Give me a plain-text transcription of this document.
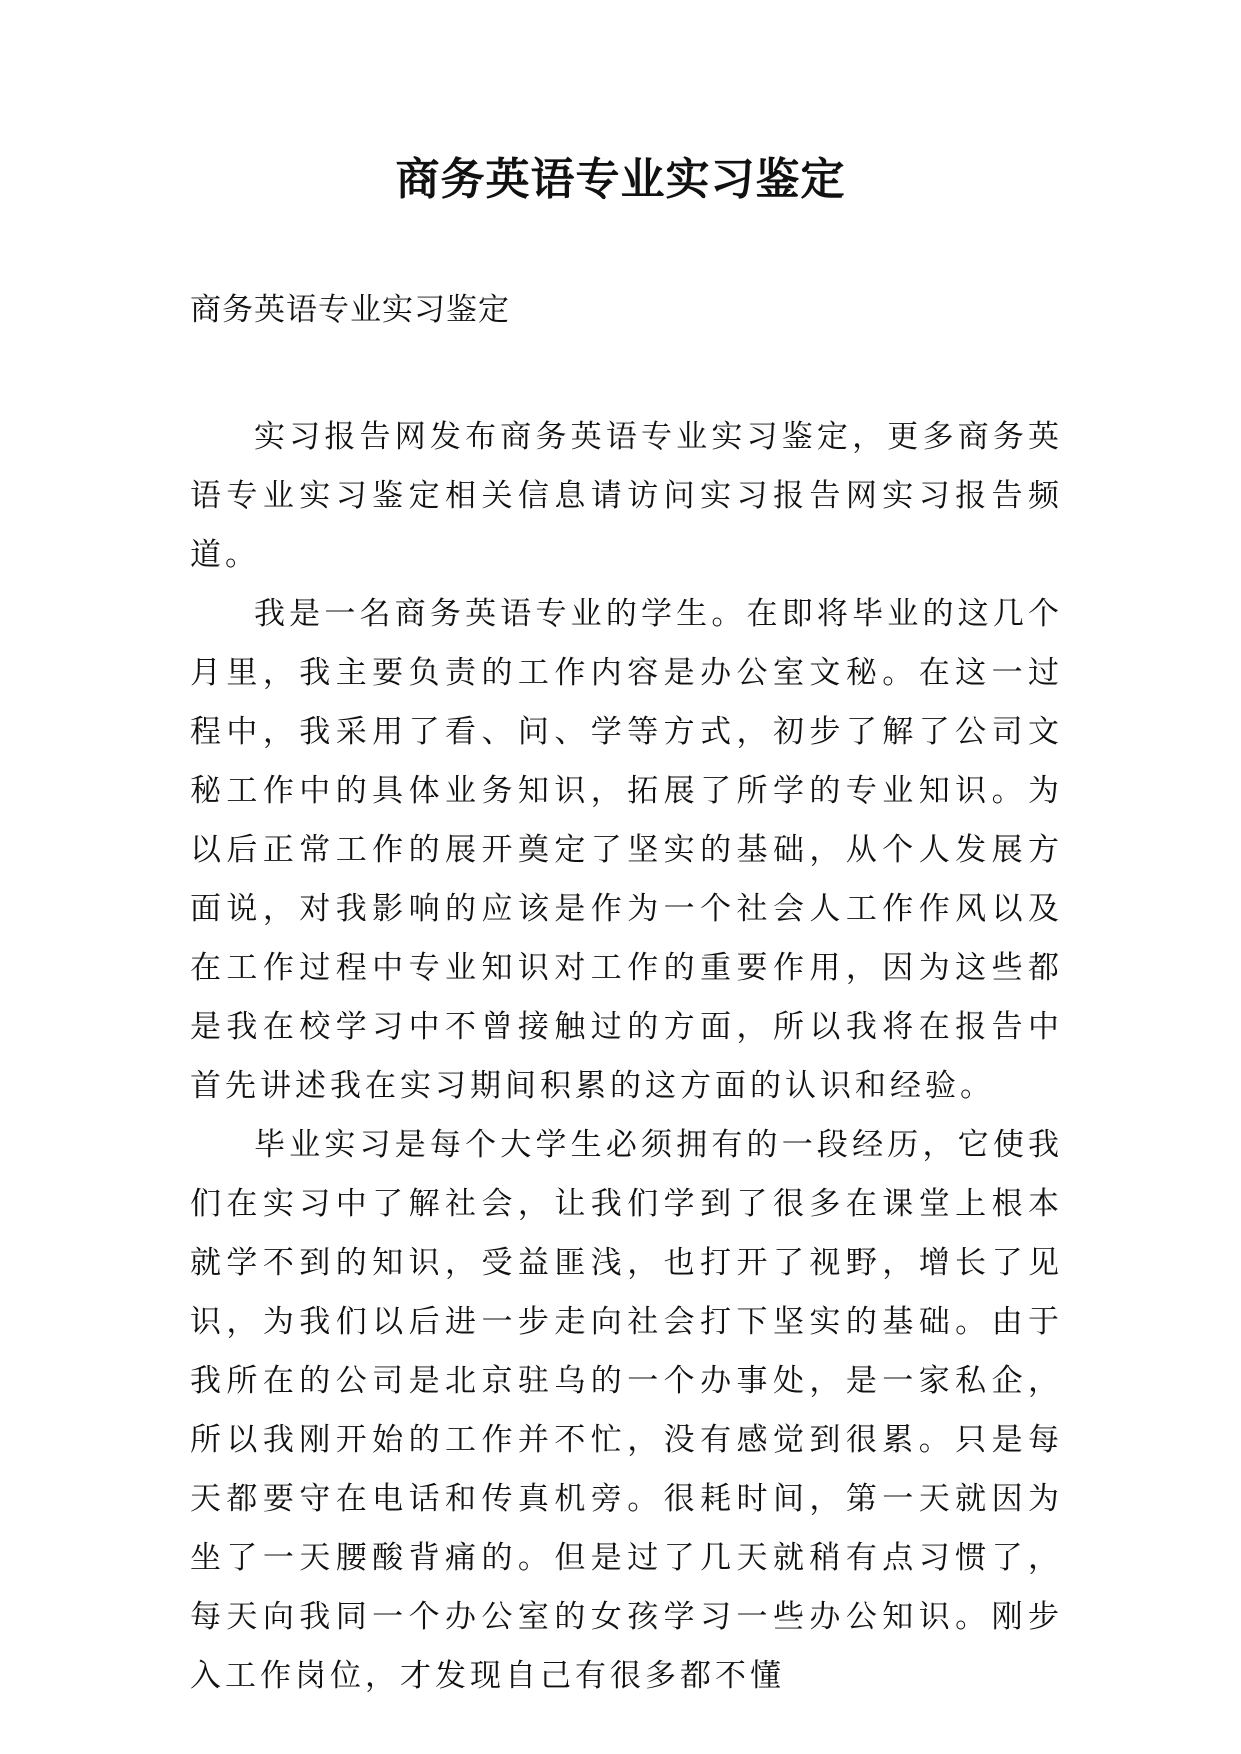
商务英语专业实习鉴定
商务英语专业实习鉴定

实习报告网发布商务英语专业实习鉴定，更多商务英语专业实习鉴定相关信息请访问实习报告网实习报告频道。

我是一名商务英语专业的学生。在即将毕业的这几个月里，我主要负责的工作内容是办公室文秘。在这一过程中，我采用了看、问、学等方式，初步了解了公司文秘工作中的具体业务知识，拓展了所学的专业知识。为以后正常工作的展开奠定了坚实的基础，从个人发展方面说，对我影响的应该是作为一个社会人工作作风以及在工作过程中专业知识对工作的重要作用，因为这些都是我在校学习中不曾接触过的方面，所以我将在报告中首先讲述我在实习期间积累的这方面的认识和经验。

毕业实习是每个大学生必须拥有的一段经历，它使我们在实习中了解社会，让我们学到了很多在课堂上根本就学不到的知识，受益匪浅，也打开了视野，增长了见识，为我们以后进一步走向社会打下坚实的基础。由于我所在的公司是北京驻乌的一个办事处，是一家私企，所以我刚开始的工作并不忙，没有感觉到很累。只是每天都要守在电话和传真机旁。很耗时间，第一天就因为坐了一天腰酸背痛的。但是过了几天就稍有点习惯了，每天向我同一个办公室的女孩学习一些办公知识。刚步入工作岗位，才发现自己有很多都不懂
